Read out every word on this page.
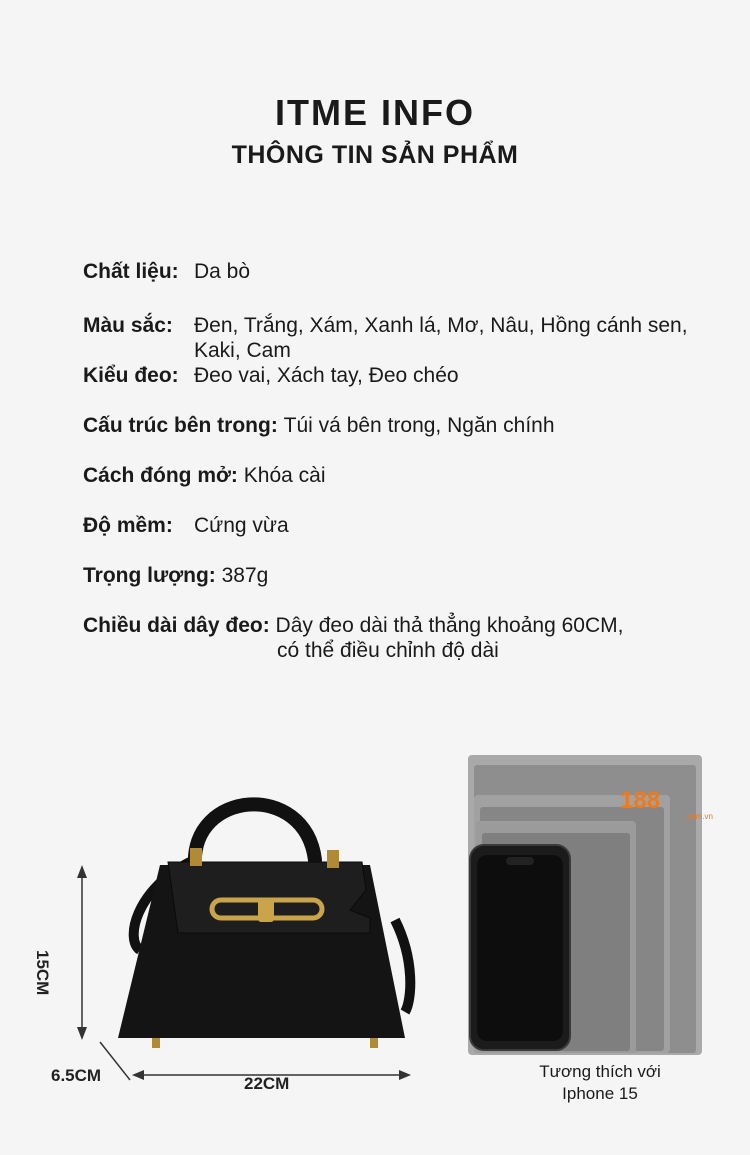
ITME INFO
THÔNG TIN SẢN PHẨM
Chất liệu: Da bò
Màu sắc: Đen, Trắng, Xám, Xanh lá, Mơ, Nâu, Hồng cánh sen,
Kaki, Cam
Kiểu đeo: Đeo vai, Xách tay, Đeo chéo
Cấu trúc bên trong: Túi vá bên trong, Ngăn chính
Cách đóng mở: Khóa cài
Độ mềm: Cứng vừa
Trọng lượng: 387g
Chiều dài dây đeo: Dây đeo dài thả thẳng khoảng 60CM,
có thể điều chỉnh độ dài
15CM
6.5CM	22CM
188
.com.vn
Tương thích với
Iphone 15
